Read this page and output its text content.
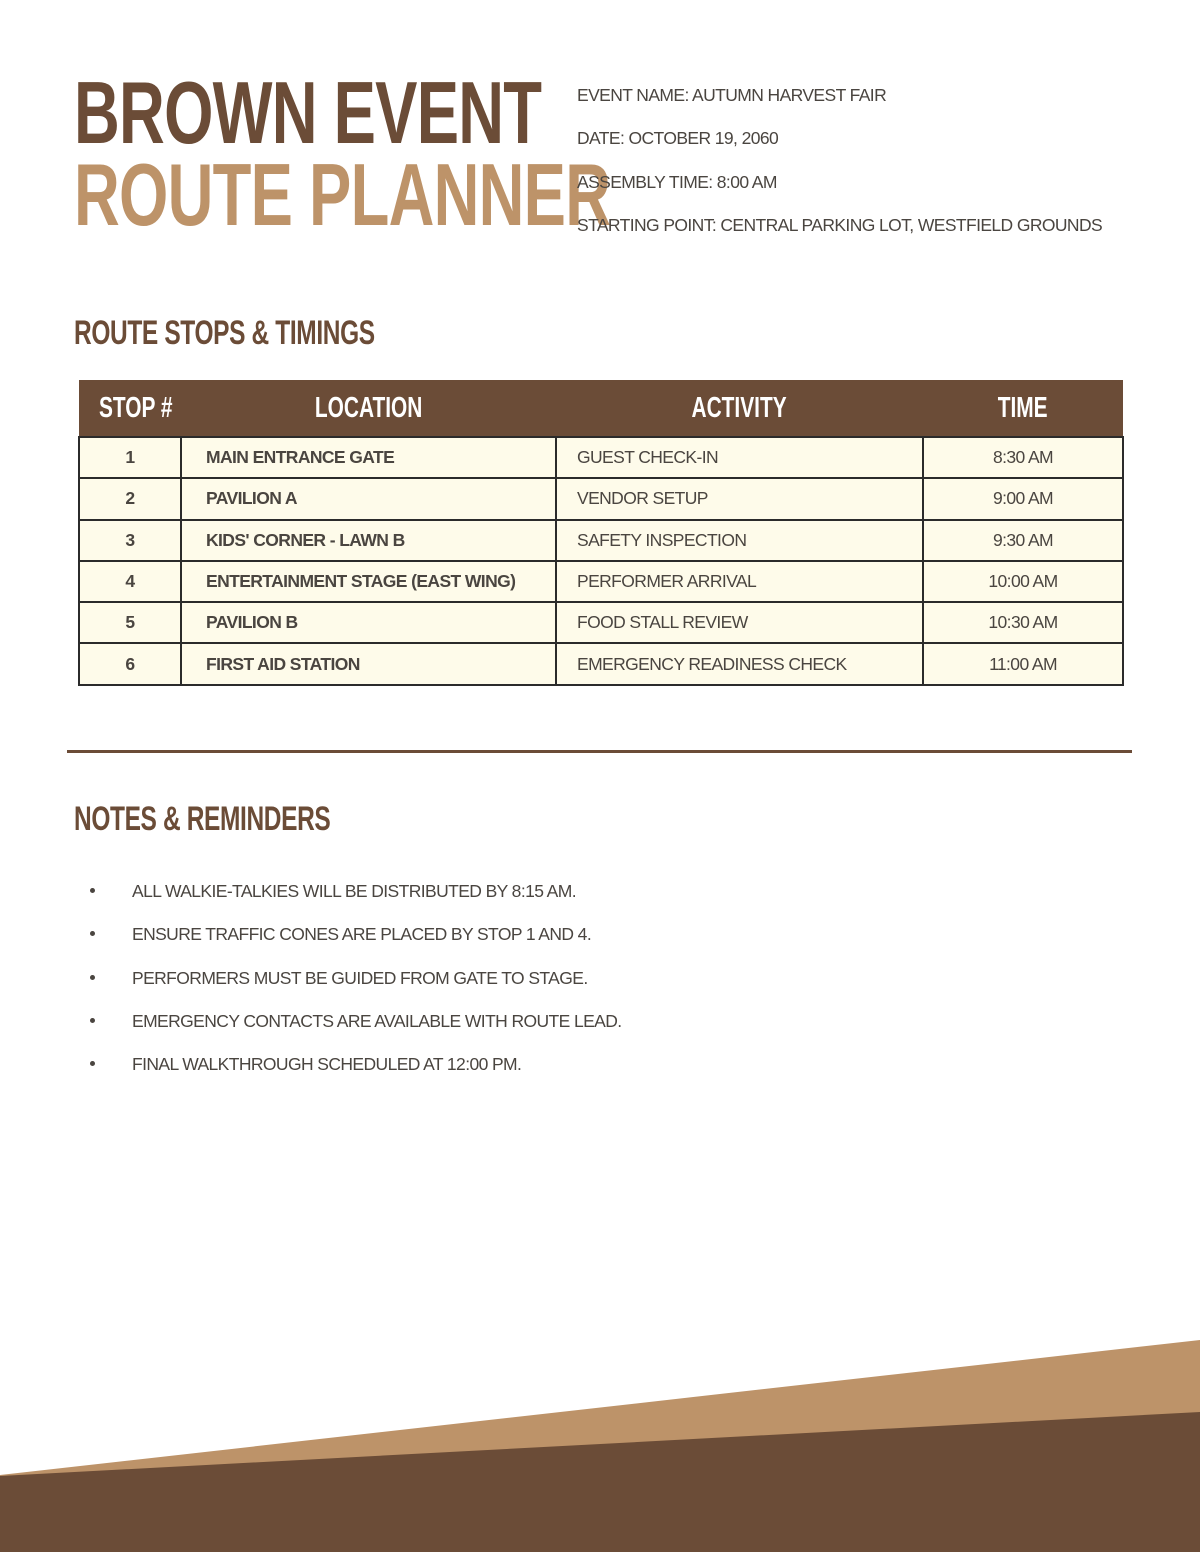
BROWN EVENT
ROUTE PLANNER
EVENT NAME: AUTUMN HARVEST FAIR
DATE: OCTOBER 19, 2060
ASSEMBLY TIME: 8:00 AM
STARTING POINT: CENTRAL PARKING LOT, WESTFIELD GROUNDS
ROUTE STOPS & TIMINGS
STOP #	LOCATION	ACTIVITY	TIME
1	MAIN ENTRANCE GATE	GUEST CHECK-IN	8:30 AM
2	PAVILION A	VENDOR SETUP	9:00 AM
3	KIDS' CORNER - LAWN B	SAFETY INSPECTION	9:30 AM
4	ENTERTAINMENT STAGE (EAST WING)	PERFORMER ARRIVAL	10:00 AM
5	PAVILION B	FOOD STALL REVIEW	10:30 AM
6	FIRST AID STATION	EMERGENCY READINESS CHECK	11:00 AM
NOTES & REMINDERS
ALL WALKIE-TALKIES WILL BE DISTRIBUTED BY 8:15 AM.
ENSURE TRAFFIC CONES ARE PLACED BY STOP 1 AND 4.
PERFORMERS MUST BE GUIDED FROM GATE TO STAGE.
EMERGENCY CONTACTS ARE AVAILABLE WITH ROUTE LEAD.
FINAL WALKTHROUGH SCHEDULED AT 12:00 PM.
